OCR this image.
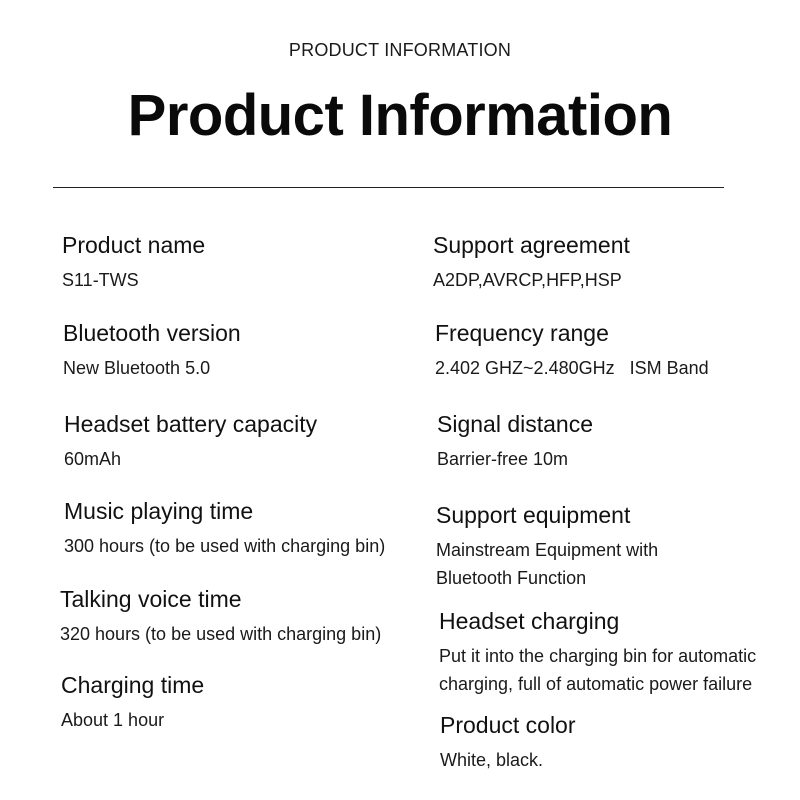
PRODUCT INFORMATION
Product Information
Product name
S11-TWS
Bluetooth version
New Bluetooth 5.0
Headset battery capacity
60mAh
Music playing time
300 hours (to be used with charging bin)
Talking voice time
320 hours (to be used with charging bin)
Charging time
About 1 hour
Support agreement
A2DP,AVRCP,HFP,HSP
Frequency range
2.402 GHZ~2.480GHz   ISM Band
Signal distance
Barrier-free 10m
Support equipment
Mainstream Equipment with Bluetooth Function
Headset charging
Put it into the charging bin for automatic charging, full of automatic power failure
Product color
White, black.
